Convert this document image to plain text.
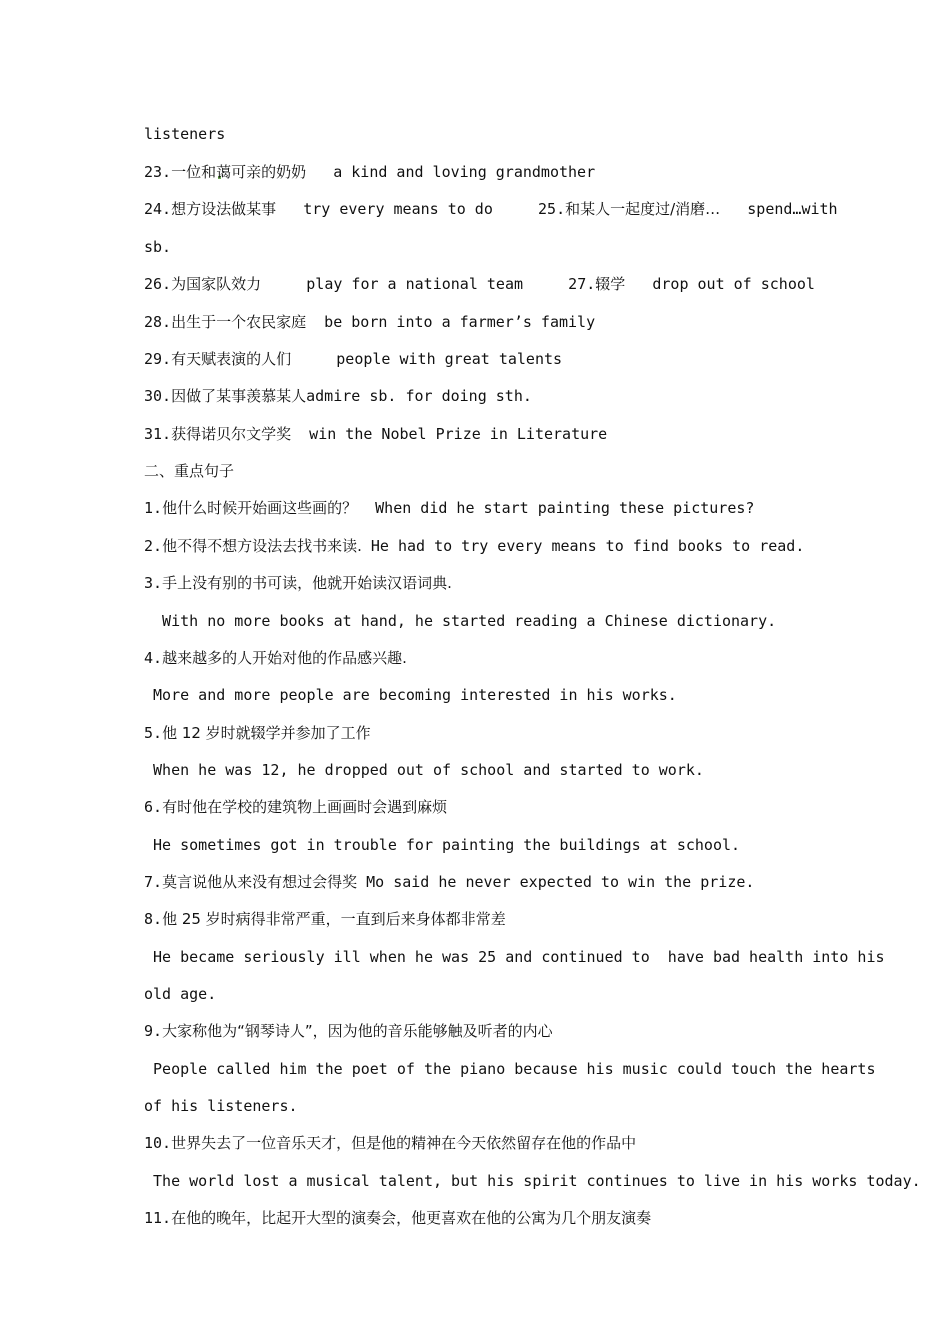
listeners
23.一位和蔼可亲的奶奶 a kind and loving grandmother
24.想方设法做某事 try every means to do	25.和某人一起度过/消磨… spend…with
sb.
26.为国家队效力	play for a national team	27.辍学 drop out of school
28.出生于一个农民家庭 be born into a farmer’s family
29.有天赋表演的人们	people with great talents
30.因做了某事羡慕某人admire sb. for doing sth.
31.获得诺贝尔文学奖 win the Nobel Prize in Literature
二、重点句子
1.他什么时候开始画这些画的？ When did he start painting these pictures?
2.他不得不想方设法去找书来读. He had to try every means to find books to read.
3.手上没有别的书可读，他就开始读汉语词典.
With no more books at hand, he started reading a Chinese dictionary.
4.越来越多的人开始对他的作品感兴趣.
More and more people are becoming interested in his works.
5.他 12 岁时就辍学并参加了工作
When he was 12, he dropped out of school and started to work.
6.有时他在学校的建筑物上画画时会遇到麻烦
He sometimes got in trouble for painting the buildings at school.
7.莫言说他从来没有想过会得奖 Mo said he never expected to win the prize.
8.他 25 岁时病得非常严重，一直到后来身体都非常差
He became seriously ill when he was 25 and continued to  have bad health into his
old age.
9.大家称他为“钢琴诗人”，因为他的音乐能够触及听者的内心
People called him the poet of the piano because his music could touch the hearts
of his listeners.
10.世界失去了一位音乐天才，但是他的精神在今天依然留存在他的作品中
The world lost a musical talent, but his spirit continues to live in his works today.
11.在他的晚年，比起开大型的演奏会，他更喜欢在他的公寓为几个朋友演奏
